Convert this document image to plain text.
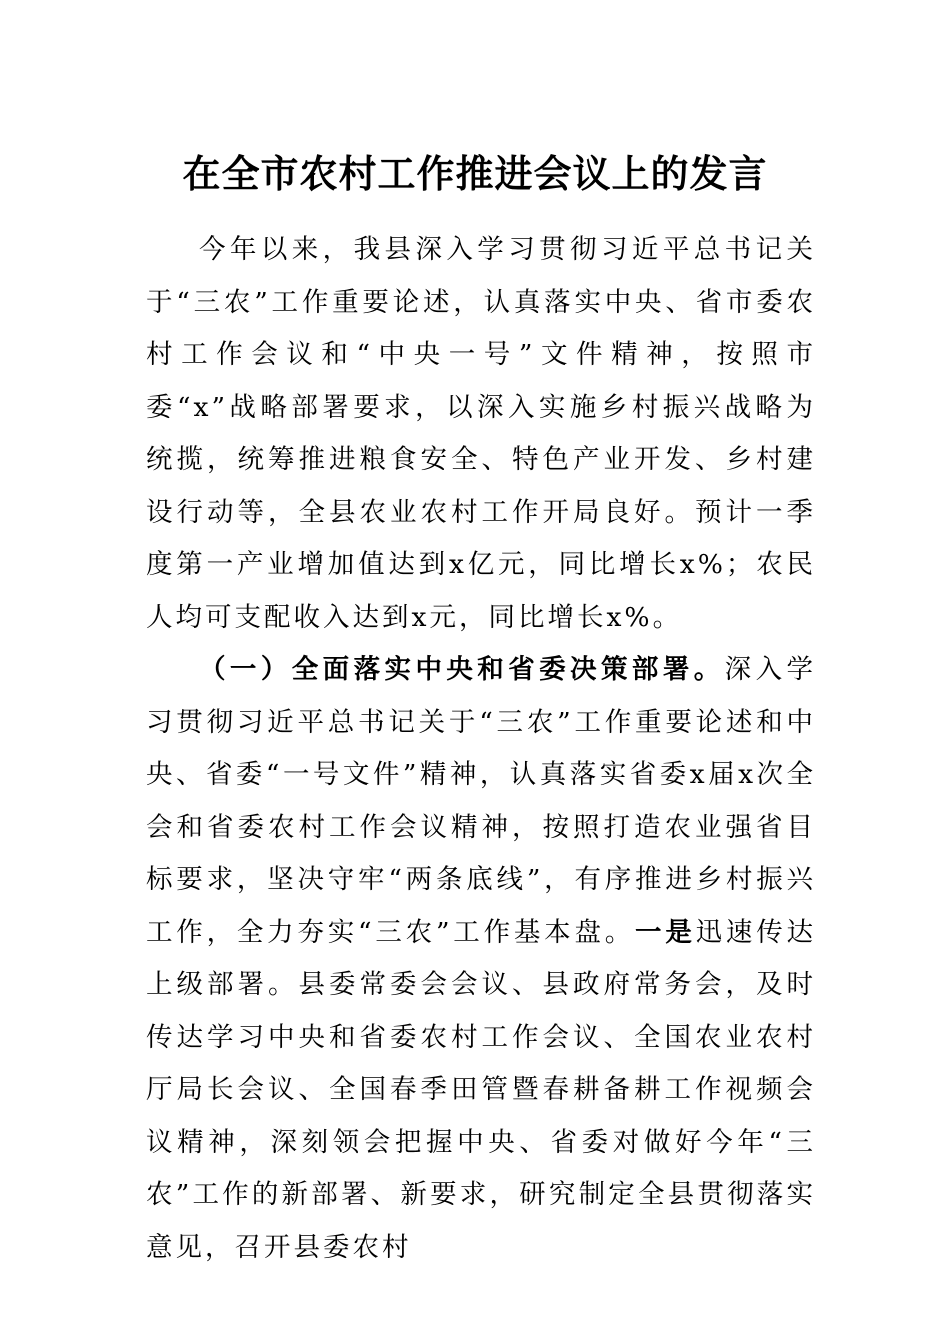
在全市农村工作推进会议上的发言

今年以来，我县深入学习贯彻习近平总书记关于“三农”工作重要论述，认真落实中央、省市委农村工作会议和“中央一号”文件精神，按照市委“x”战略部署要求，以深入实施乡村振兴战略为统揽，统筹推进粮食安全、特色产业开发、乡村建设行动等，全县农业农村工作开局良好。预计一季度第一产业增加值达到x亿元，同比增长x%；农民人均可支配收入达到x元，同比增长x%。

（一）全面落实中央和省委决策部署。深入学习贯彻习近平总书记关于“三农”工作重要论述和中央、省委“一号文件”精神，认真落实省委x届x次全会和省委农村工作会议精神，按照打造农业强省目标要求，坚决守牢“两条底线”，有序推进乡村振兴工作，全力夯实“三农”工作基本盘。一是迅速传达上级部署。县委常委会会议、县政府常务会，及时传达学习中央和省委农村工作会议、全国农业农村厅局长会议、全国春季田管暨春耕备耕工作视频会议精神，深刻领会把握中央、省委对做好今年“三农”工作的新部署、新要求，研究制定全县贯彻落实意见，召开县委农村
